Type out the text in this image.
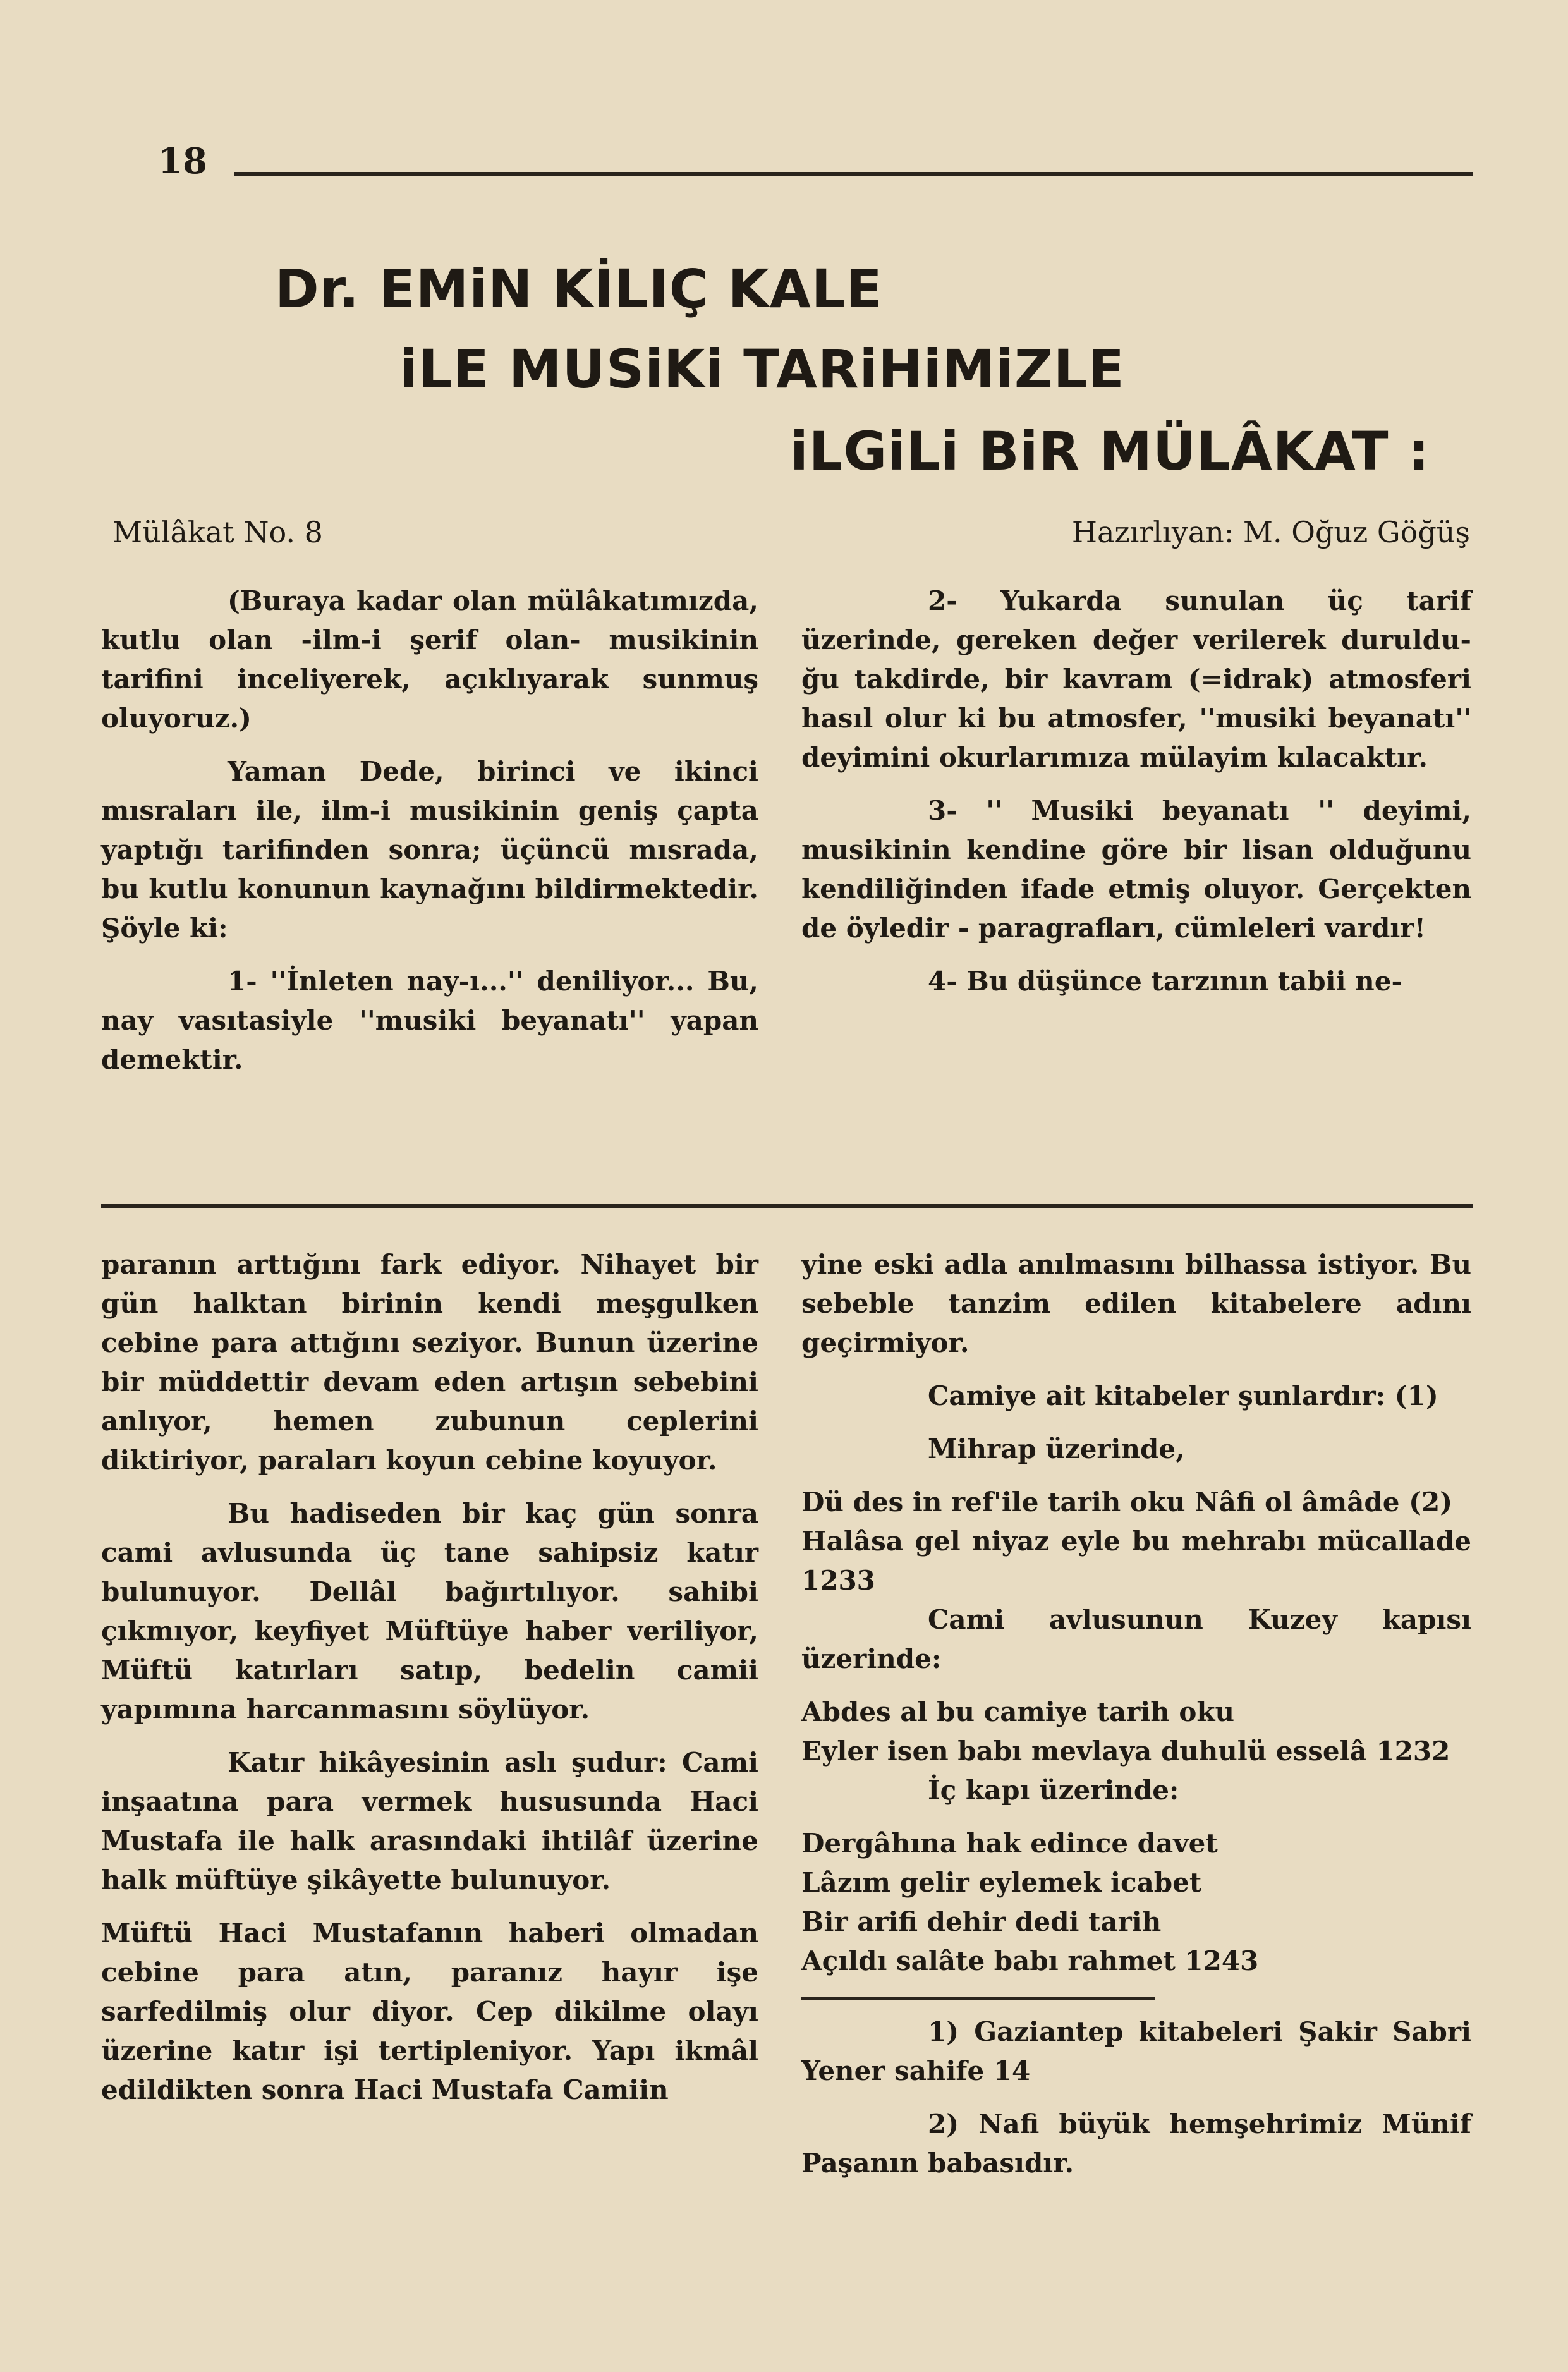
18
Dr. EMiN KİLIÇ KALE
iLE MUSiKi TARiHiMiZLE
iLGiLi BiR MÜLÂKAT :
Mülâkat No. 8	Hazırlıyan: M. Oğuz Göğüş

(Buraya kadar olan mülâkatımızda, kutlu olan -ilm-i şerif olan- musikinin tarifini inceliyerek, açıklıyarak sunmuş oluyoruz.)

Yaman Dede, birinci ve ikinci mısraları ile, ilm-i musikinin geniş çapta yaptığı tarifinden sonra; üçüncü mısrada, bu kutlu konunun kaynağını bildirmektedir. Şöyle ki:

1- ''İnleten nay-ı...'' deniliyor... Bu, nay vasıtasiyle ''musiki beyanatı'' yapan demektir.

2- Yukarda sunulan üç tarif üzerinde, gereken değer verilerek duruldu-ğu takdirde, bir kavram (=idrak) atmosferi hasıl olur ki bu atmosfer, ''musiki beyanatı'' deyimini okurlarımıza mülayim kılacaktır.

3- '' Musiki beyanatı '' deyimi, musikinin kendine göre bir lisan olduğunu kendiliğinden ifade etmiş oluyor. Gerçekten de öyledir - paragrafları, cümleleri vardır!

4- Bu düşünce tarzının tabii ne-

paranın arttığını fark ediyor. Nihayet bir gün halktan birinin kendi meşgulken cebine para attığını seziyor. Bunun üzerine bir müddettir devam eden artışın sebebini anlıyor, hemen zubunun ceplerini diktiriyor, paraları koyun cebine koyuyor.

Bu hadiseden bir kaç gün sonra cami avlusunda üç tane sahipsiz katır bulunuyor. Dellâl bağırtılıyor. sahibi çıkmıyor, keyfiyet Müftüye haber veriliyor, Müftü katırları satıp, bedelin camii yapımına harcanmasını söylüyor.

Katır hikâyesinin aslı şudur: Cami inşaatına para vermek hususunda Haci Mustafa ile halk arasındaki ihtilâf üzerine halk müftüye şikâyette bulunuyor.

Müftü Haci Mustafanın haberi olmadan cebine para atın, paranız hayır işe sarfedilmiş olur diyor. Cep dikilme olayı üzerine katır işi tertipleniyor. Yapı ikmâl edildikten sonra Haci Mustafa Camiin

yine eski adla anılmasını bilhassa istiyor. Bu sebeble tanzim edilen kitabelere adını geçirmiyor.

Camiye ait kitabeler şunlardır: (1)

Mihrap üzerinde,

Dü des in ref'ile tarih oku Nâfi ol âmâde (2)
Halâsa gel niyaz eyle bu mehrabı mücallade 1233

Cami avlusunun Kuzey kapısı üzerinde:

Abdes al bu camiye tarih oku
Eyler isen babı mevlaya duhulü esselâ 1232

İç kapı üzerinde:

Dergâhına hak edince davet
Lâzım gelir eylemek icabet
Bir arifi dehir dedi tarih
Açıldı salâte babı rahmet 1243

1) Gaziantep kitabeleri Şakir Sabri Yener sahife 14

2) Nafi büyük hemşehrimiz Münif Paşanın babasıdır.
